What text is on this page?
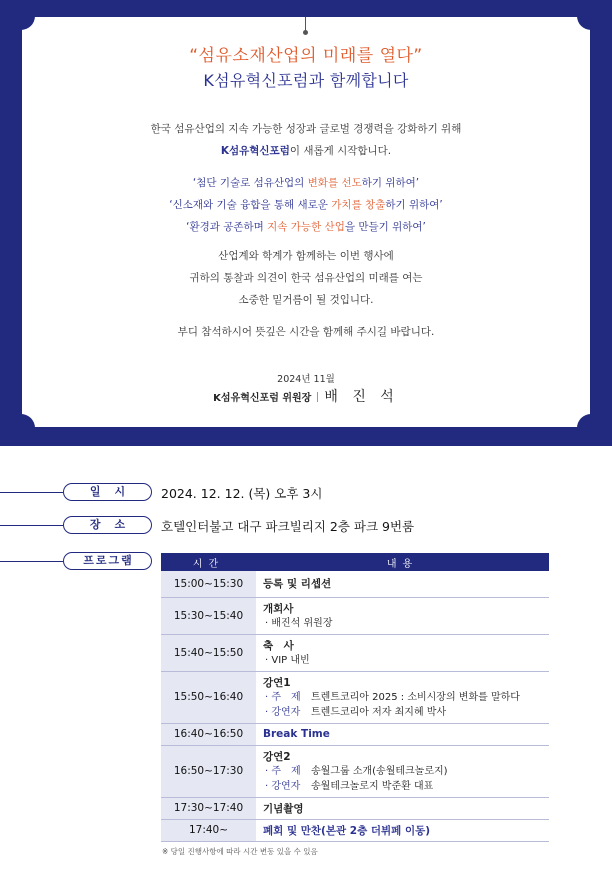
“섬유소재산업의 미래를 열다”
K섬유혁신포럼과 함께합니다
한국 섬유산업의 지속 가능한 성장과 글로벌 경쟁력을 강화하기 위해
K섬유혁신포럼이 새롭게 시작합니다.
‘첨단 기술로 섬유산업의 변화를 선도하기 위하여’
‘신소재와 기술 융합을 통해 새로운 가치를 창출하기 위하여’
‘환경과 공존하며 지속 가능한 산업을 만들기 위하여’
산업계와 학계가 함께하는 이번 행사에
귀하의 통찰과 의견이 한국 섬유산업의 미래를 여는
소중한 밑거름이 될 것입니다.
부디 참석하시어 뜻깊은 시간을 함께해 주시길 바랍니다.
2024년 11월
K섬유혁신포럼 위원장 배 진 석
일시	2024. 12. 12. (목) 오후 3시
장소	호텔인터불고 대구 파크빌리지 2층 파크 9번룸
프로그램	시간	내용
15:00~15:30	등록 및 리셉션

15:30~15:40	개회사
· 배진석 위원장

15:40~15:50	축　사
· VIP 내빈

15:50~16:40	강연1
· 주　제 트렌트코리아 2025 : 소비시장의 변화를 말하다
· 강연자 트렌드코리아 저자 최지혜 박사

16:40~16:50	Break Time

16:50~17:30	강연2
· 주　제 송월그룹 소개(송월테크놀로지)
· 강연자 송월테크놀로지 박준환 대표

17:30~17:40	기념촬영

17:40~	폐회 및 만찬(본관 2층 더뷔페 이동)
※ 당일 진행사항에 따라 시간 변동 있을 수 있음
